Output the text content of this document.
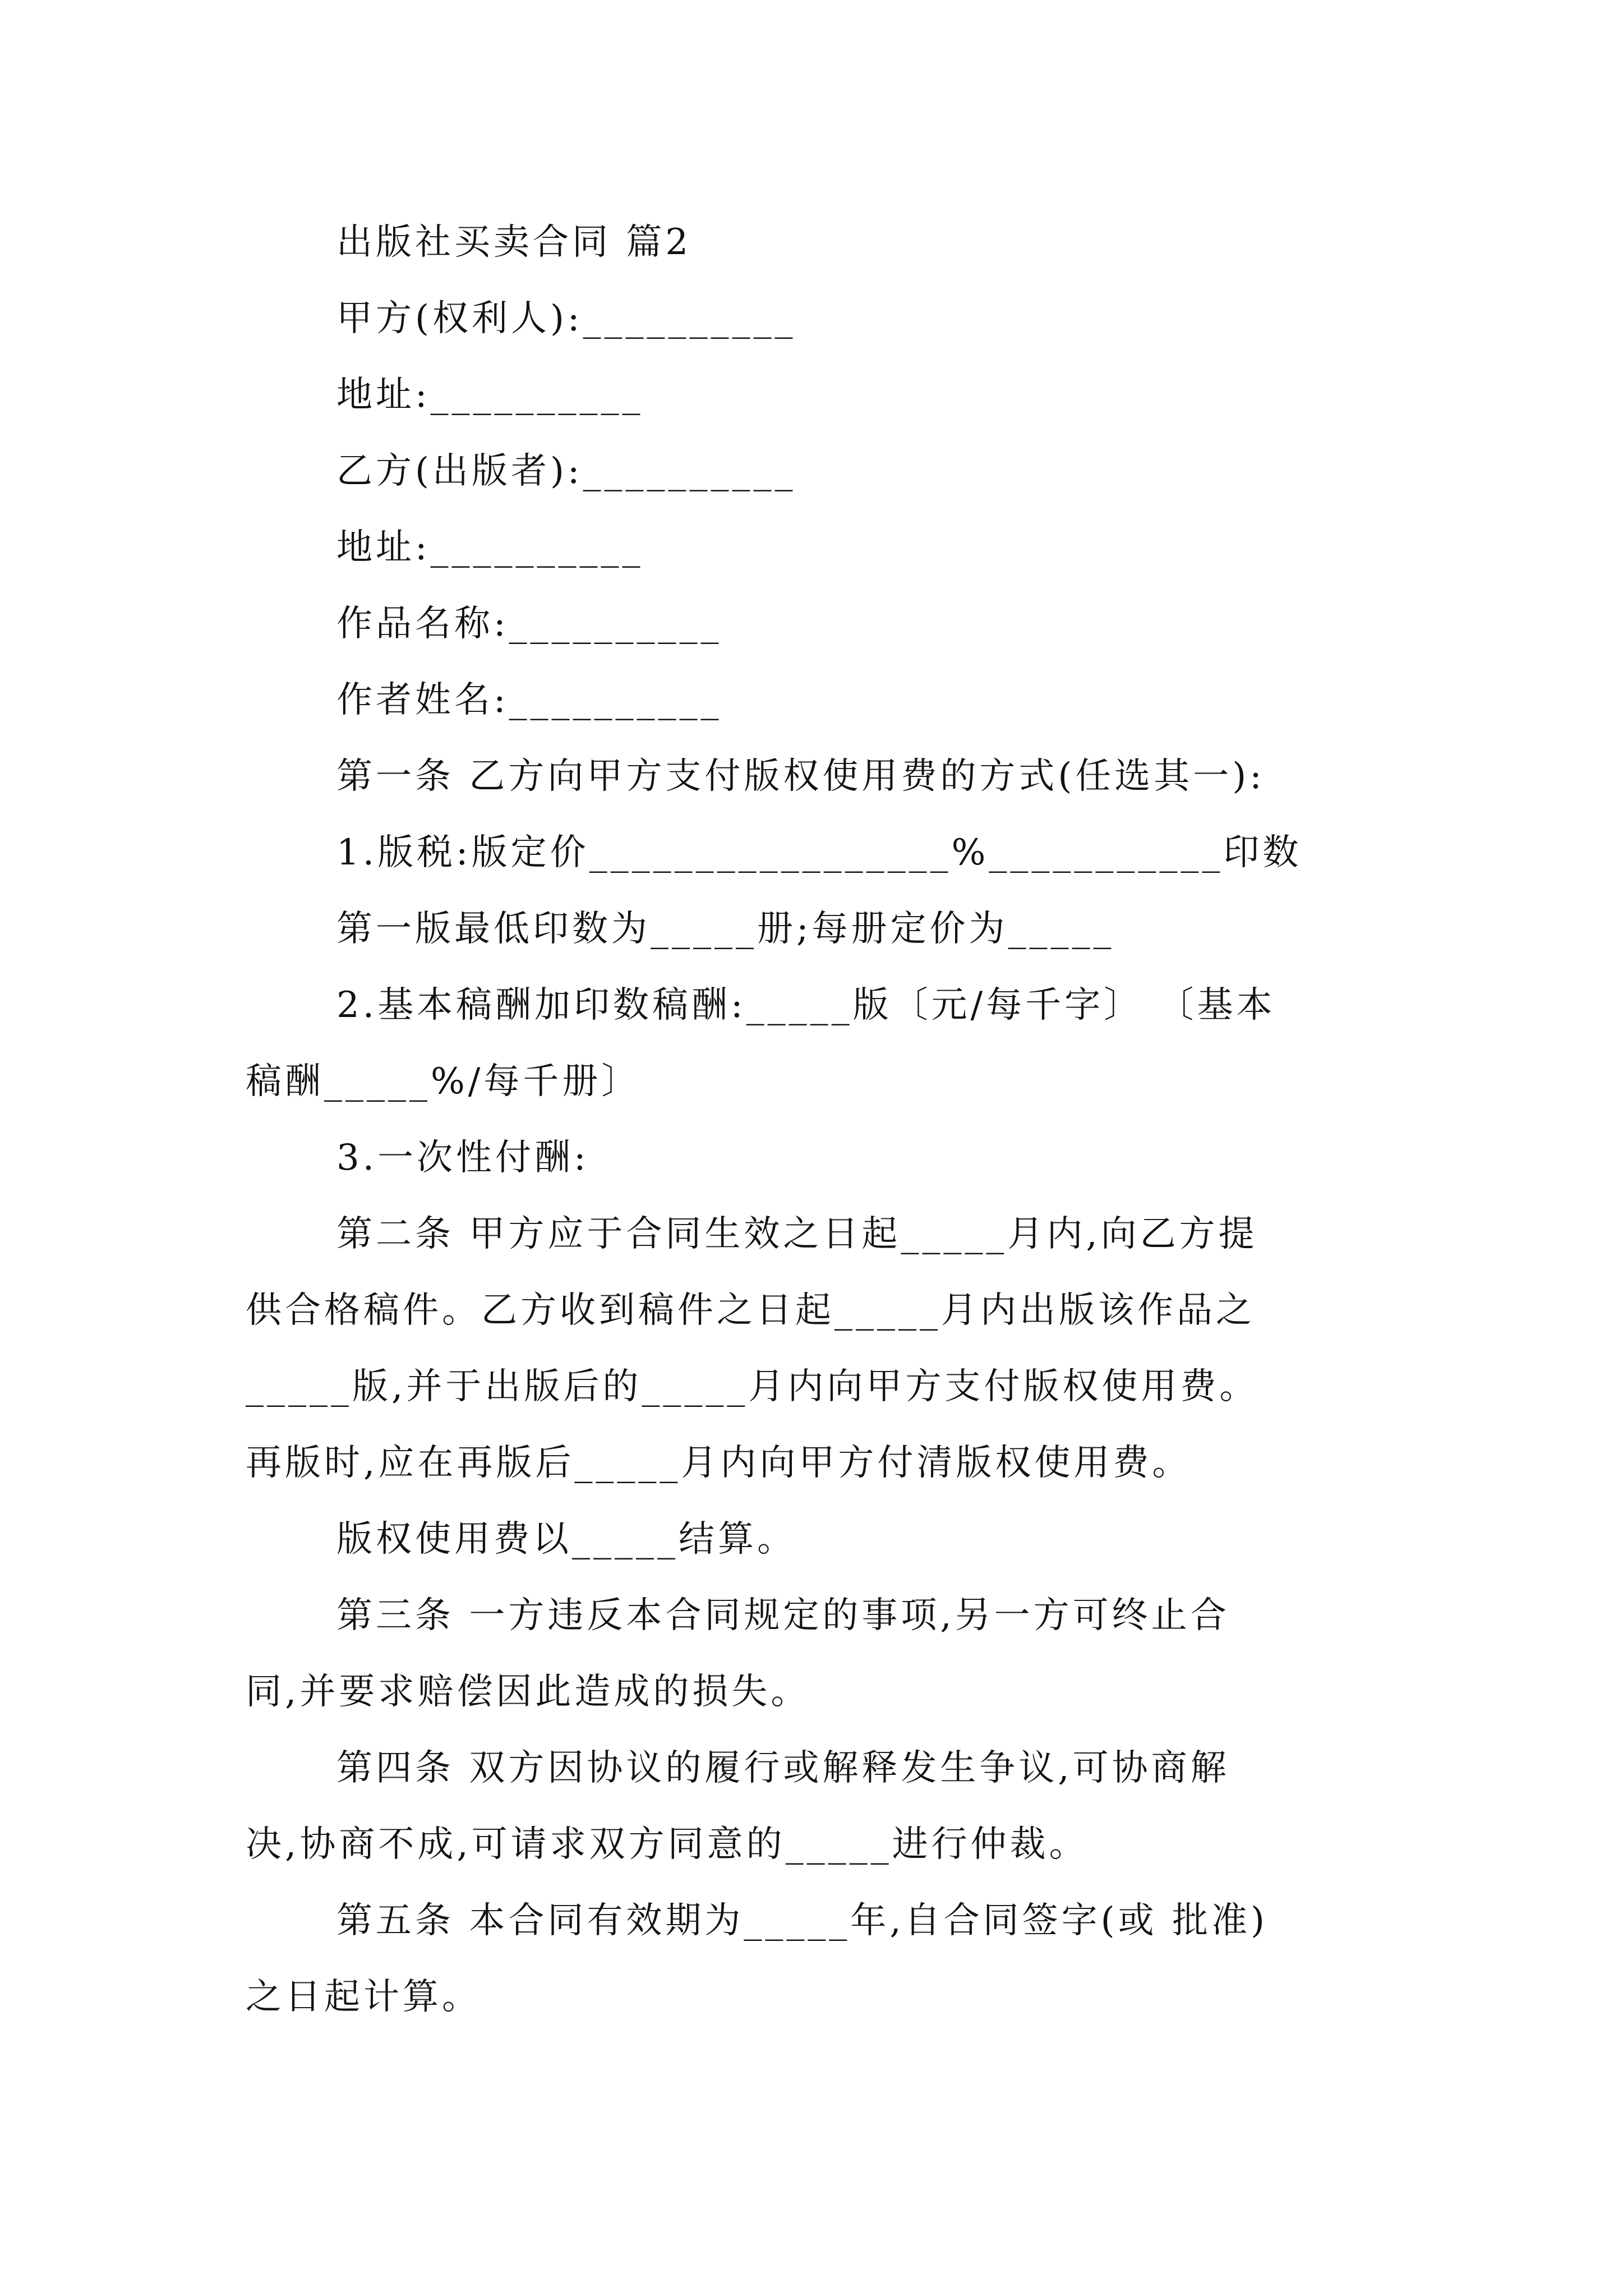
出版社买卖合同 篇2
甲方(权利人):__________
地址:__________
乙方(出版者):__________
地址:__________
作品名称:__________
作者姓名:__________
第一条 乙方向甲方支付版权使用费的方式(任选其一):
1.版税:版定价_________________%___________印数
第一版最低印数为_____册;每册定价为_____
2.基本稿酬加印数稿酬:_____版〔元/每千字〕 〔基本
稿酬_____%/每千册〕
3.一次性付酬:
第二条 甲方应于合同生效之日起_____月内,向乙方提
供合格稿件。乙方收到稿件之日起_____月内出版该作品之
_____版,并于出版后的_____月内向甲方支付版权使用费。
再版时,应在再版后_____月内向甲方付清版权使用费。
版权使用费以_____结算。
第三条 一方违反本合同规定的事项,另一方可终止合
同,并要求赔偿因此造成的损失。
第四条 双方因协议的履行或解释发生争议,可协商解
决,协商不成,可请求双方同意的_____进行仲裁。
第五条 本合同有效期为_____年,自合同签字(或 批准)
之日起计算。
